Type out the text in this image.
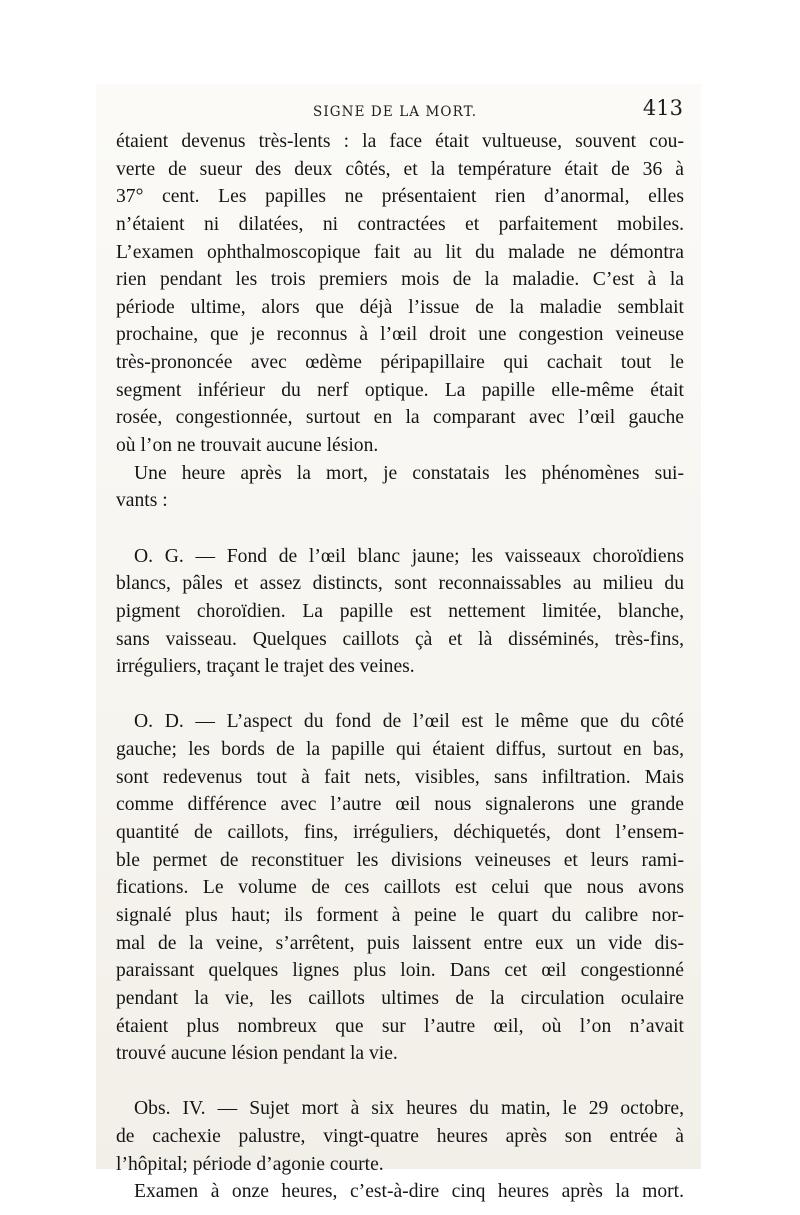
SIGNE DE LA MORT.	413
étaient devenus très-lents : la face était vultueuse, souvent cou-
verte de sueur des deux côtés, et la température était de 36 à
37° cent. Les papilles ne présentaient rien d’anormal, elles
n’étaient ni dilatées, ni contractées et parfaitement mobiles.
L’examen ophthalmoscopique fait au lit du malade ne démontra
rien pendant les trois premiers mois de la maladie. C’est à la
période ultime, alors que déjà l’issue de la maladie semblait
prochaine, que je reconnus à l’œil droit une congestion veineuse
très-prononcée avec œdème péripapillaire qui cachait tout le
segment inférieur du nerf optique. La papille elle-même était
rosée, congestionnée, surtout en la comparant avec l’œil gauche
où l’on ne trouvait aucune lésion.
Une heure après la mort, je constatais les phénomènes sui-
vants :
O. G. — Fond de l’œil blanc jaune; les vaisseaux choroïdiens
blancs, pâles et assez distincts, sont reconnaissables au milieu du
pigment choroïdien. La papille est nettement limitée, blanche,
sans vaisseau. Quelques caillots çà et là disséminés, très-fins,
irréguliers, traçant le trajet des veines.
O. D. — L’aspect du fond de l’œil est le même que du côté
gauche; les bords de la papille qui étaient diffus, surtout en bas,
sont redevenus tout à fait nets, visibles, sans infiltration. Mais
comme différence avec l’autre œil nous signalerons une grande
quantité de caillots, fins, irréguliers, déchiquetés, dont l’ensem-
ble permet de reconstituer les divisions veineuses et leurs rami-
fications. Le volume de ces caillots est celui que nous avons
signalé plus haut; ils forment à peine le quart du calibre nor-
mal de la veine, s’arrêtent, puis laissent entre eux un vide dis-
paraissant quelques lignes plus loin. Dans cet œil congestionné
pendant la vie, les caillots ultimes de la circulation oculaire
étaient plus nombreux que sur l’autre œil, où l’on n’avait
trouvé aucune lésion pendant la vie.
Obs. IV. — Sujet mort à six heures du matin, le 29 octobre,
de cachexie palustre, vingt-quatre heures après son entrée à
l’hôpital; période d’agonie courte.
Examen à onze heures, c’est-à-dire cinq heures après la mort.
